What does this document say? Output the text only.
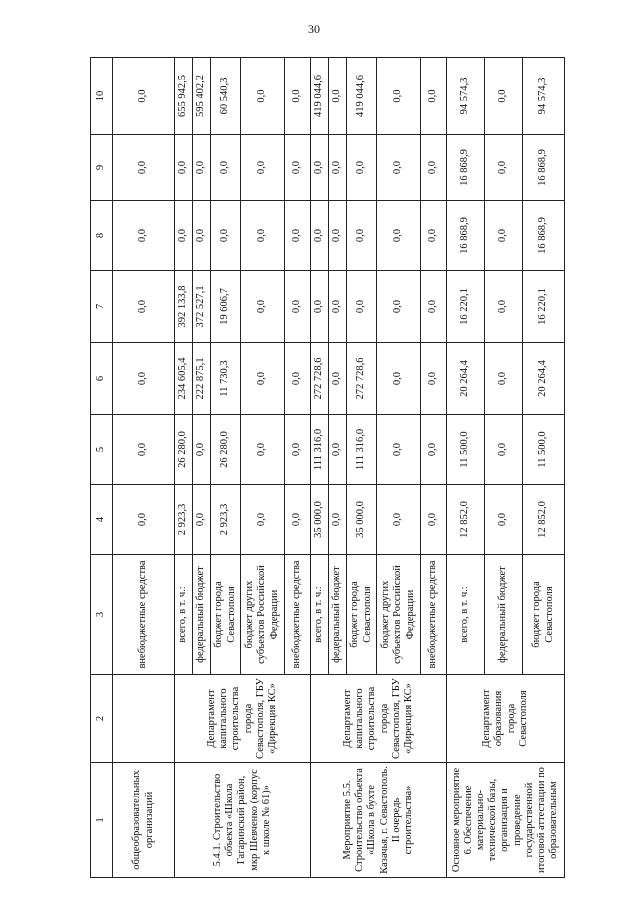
30
1	2	3	4	5	6	7	8	9	10
общеобразовательных организаций		внебюджетные средства	0,0	0,0	0,0	0,0	0,0	0,0	0,0
5.4.1. Строительство объекта «Школа Гагаринский район, мкр Шевченко (корпус к школе № 61)»	Департамент капитального строительства города Севастополя, ГБУ «Дирекция КС»	всего, в т. ч.:	2 923,3	26 280,0	234 605,4	392 133,8	0,0	0,0	655 942,5
		федеральный бюджет	0,0	0,0	222 875,1	372 527,1	0,0	0,0	595 402,2
		бюджет города Севастополя	2 923,3	26 280,0	11 730,3	19 606,7	0,0	0,0	60 540,3
		бюджет других субъектов Российской Федерации	0,0	0,0	0,0	0,0	0,0	0,0	0,0
		внебюджетные средства	0,0	0,0	0,0	0,0	0,0	0,0	0,0
Мероприятие 5.5. Строительство объекта «Школа в бухте Казачья, г. Севастополь. II очередь строительства»	Департамент капитального строительства города Севастополя, ГБУ «Дирекция КС»	всего, в т. ч.:	35 000,0	111 316,0	272 728,6	0,0	0,0	0,0	419 044,6
		федеральный бюджет	0,0	0,0	0,0	0,0	0,0	0,0	0,0
		бюджет города Севастополя	35 000,0	111 316,0	272 728,6	0,0	0,0	0,0	419 044,6
		бюджет других субъектов Российской Федерации	0,0	0,0	0,0	0,0	0,0	0,0	0,0
		внебюджетные средства	0,0	0,0	0,0	0,0	0,0	0,0	0,0
Основное мероприятие 6. Обеспечение материально-технической базы, организация и проведение государственной итоговой аттестации по образовательным	Департамент образования города Севастополя	всего, в т. ч.:	12 852,0	11 500,0	20 264,4	16 220,1	16 868,9	16 868,9	94 574,3
		федеральный бюджет	0,0	0,0	0,0	0,0	0,0	0,0	0,0
		бюджет города Севастополя	12 852,0	11 500,0	20 264,4	16 220,1	16 868,9	16 868,9	94 574,3
